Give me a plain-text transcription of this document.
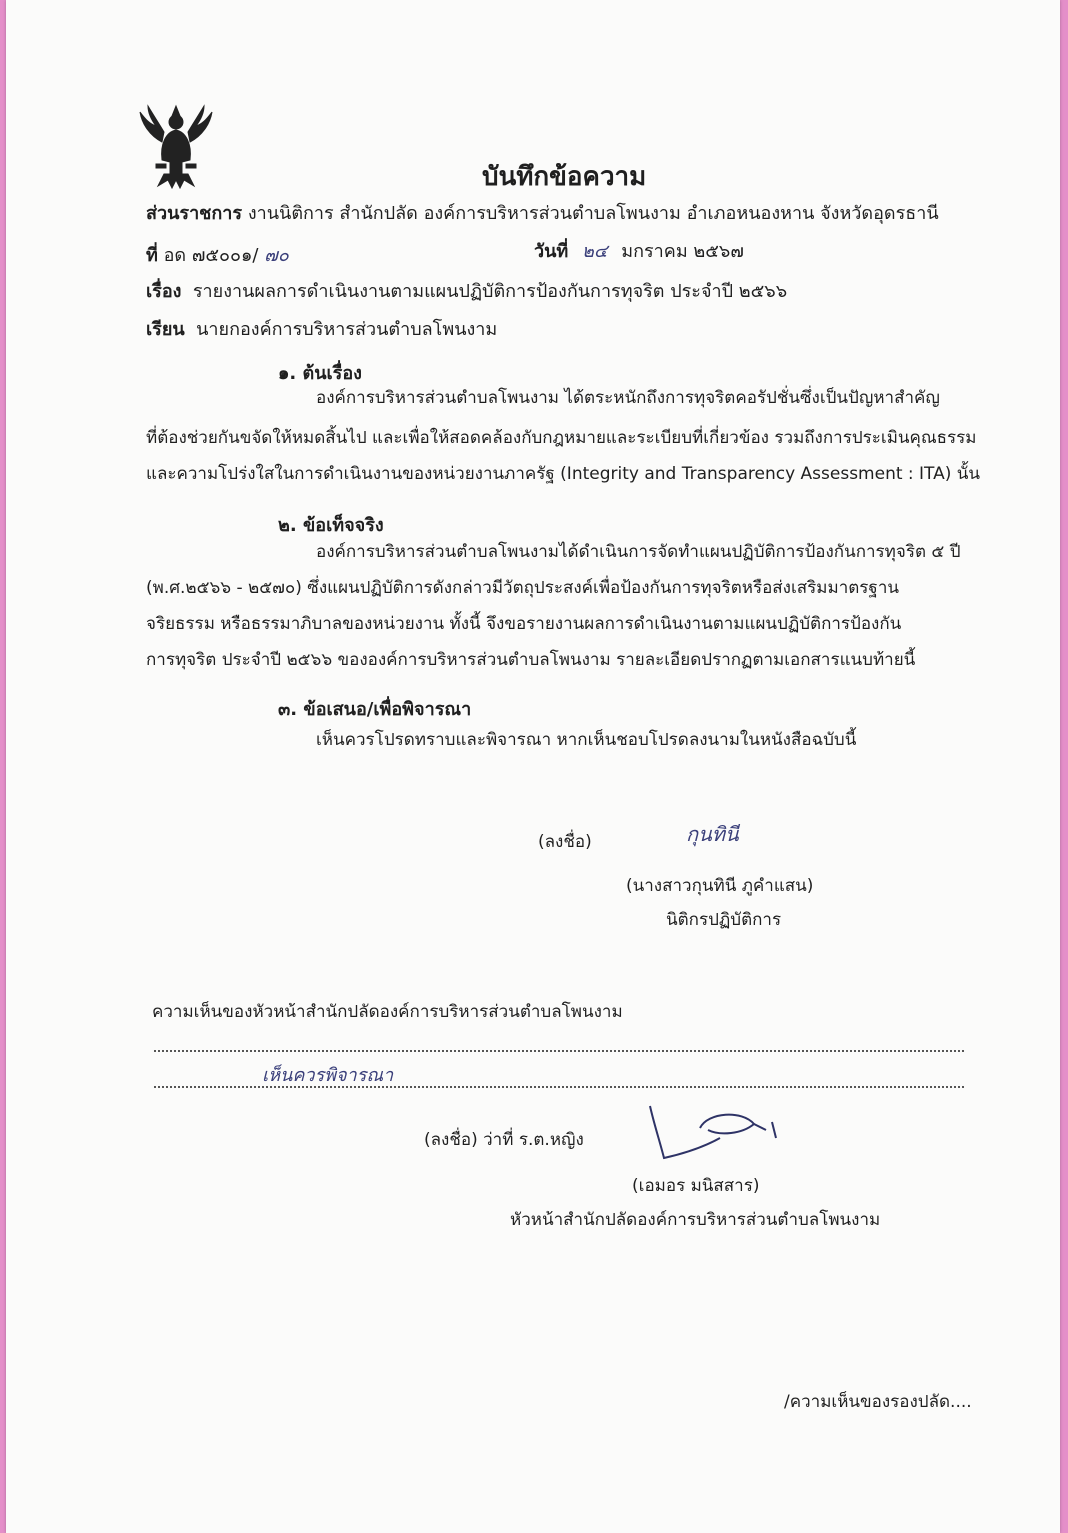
บันทึกข้อความ
ส่วนราชการ งานนิติการ สำนักปลัด องค์การบริหารส่วนตำบลโพนงาม อำเภอหนองหาน จังหวัดอุดรธานี
ที่ อด ๗๕๐๐๑/ ๗๐	วันที่ ๒๔ มกราคม ๒๕๖๗
เรื่อง รายงานผลการดำเนินงานตามแผนปฏิบัติการป้องกันการทุจริต ประจำปี ๒๕๖๖
เรียน นายกองค์การบริหารส่วนตำบลโพนงาม
๑. ต้นเรื่อง
องค์การบริหารส่วนตำบลโพนงาม ได้ตระหนักถึงการทุจริตคอรัปชั่นซึ่งเป็นปัญหาสำคัญ
ที่ต้องช่วยกันขจัดให้หมดสิ้นไป และเพื่อให้สอดคล้องกับกฎหมายและระเบียบที่เกี่ยวข้อง รวมถึงการประเมินคุณธรรม
และความโปร่งใสในการดำเนินงานของหน่วยงานภาครัฐ (Integrity and Transparency Assessment : ITA) นั้น
๒. ข้อเท็จจริง
องค์การบริหารส่วนตำบลโพนงามได้ดำเนินการจัดทำแผนปฏิบัติการป้องกันการทุจริต ๕ ปี
(พ.ศ.๒๕๖๖ - ๒๕๗๐) ซึ่งแผนปฏิบัติการดังกล่าวมีวัตถุประสงค์เพื่อป้องกันการทุจริตหรือส่งเสริมมาตรฐาน
จริยธรรม หรือธรรมาภิบาลของหน่วยงาน ทั้งนี้ จึงขอรายงานผลการดำเนินงานตามแผนปฏิบัติการป้องกัน
การทุจริต ประจำปี ๒๕๖๖ ขององค์การบริหารส่วนตำบลโพนงาม รายละเอียดปรากฏตามเอกสารแนบท้ายนี้
๓. ข้อเสนอ/เพื่อพิจารณา
เห็นควรโปรดทราบและพิจารณา หากเห็นชอบโปรดลงนามในหนังสือฉบับนี้
(ลงชื่อ)	กุนทินี
(นางสาวกุนทินี ภูคำแสน)
นิติกรปฏิบัติการ
ความเห็นของหัวหน้าสำนักปลัดองค์การบริหารส่วนตำบลโพนงาม
เห็นควรพิจารณา
(ลงชื่อ) ว่าที่ ร.ต.หญิง
(เอมอร มนิสสาร)
หัวหน้าสำนักปลัดองค์การบริหารส่วนตำบลโพนงาม
/ความเห็นของรองปลัด....
